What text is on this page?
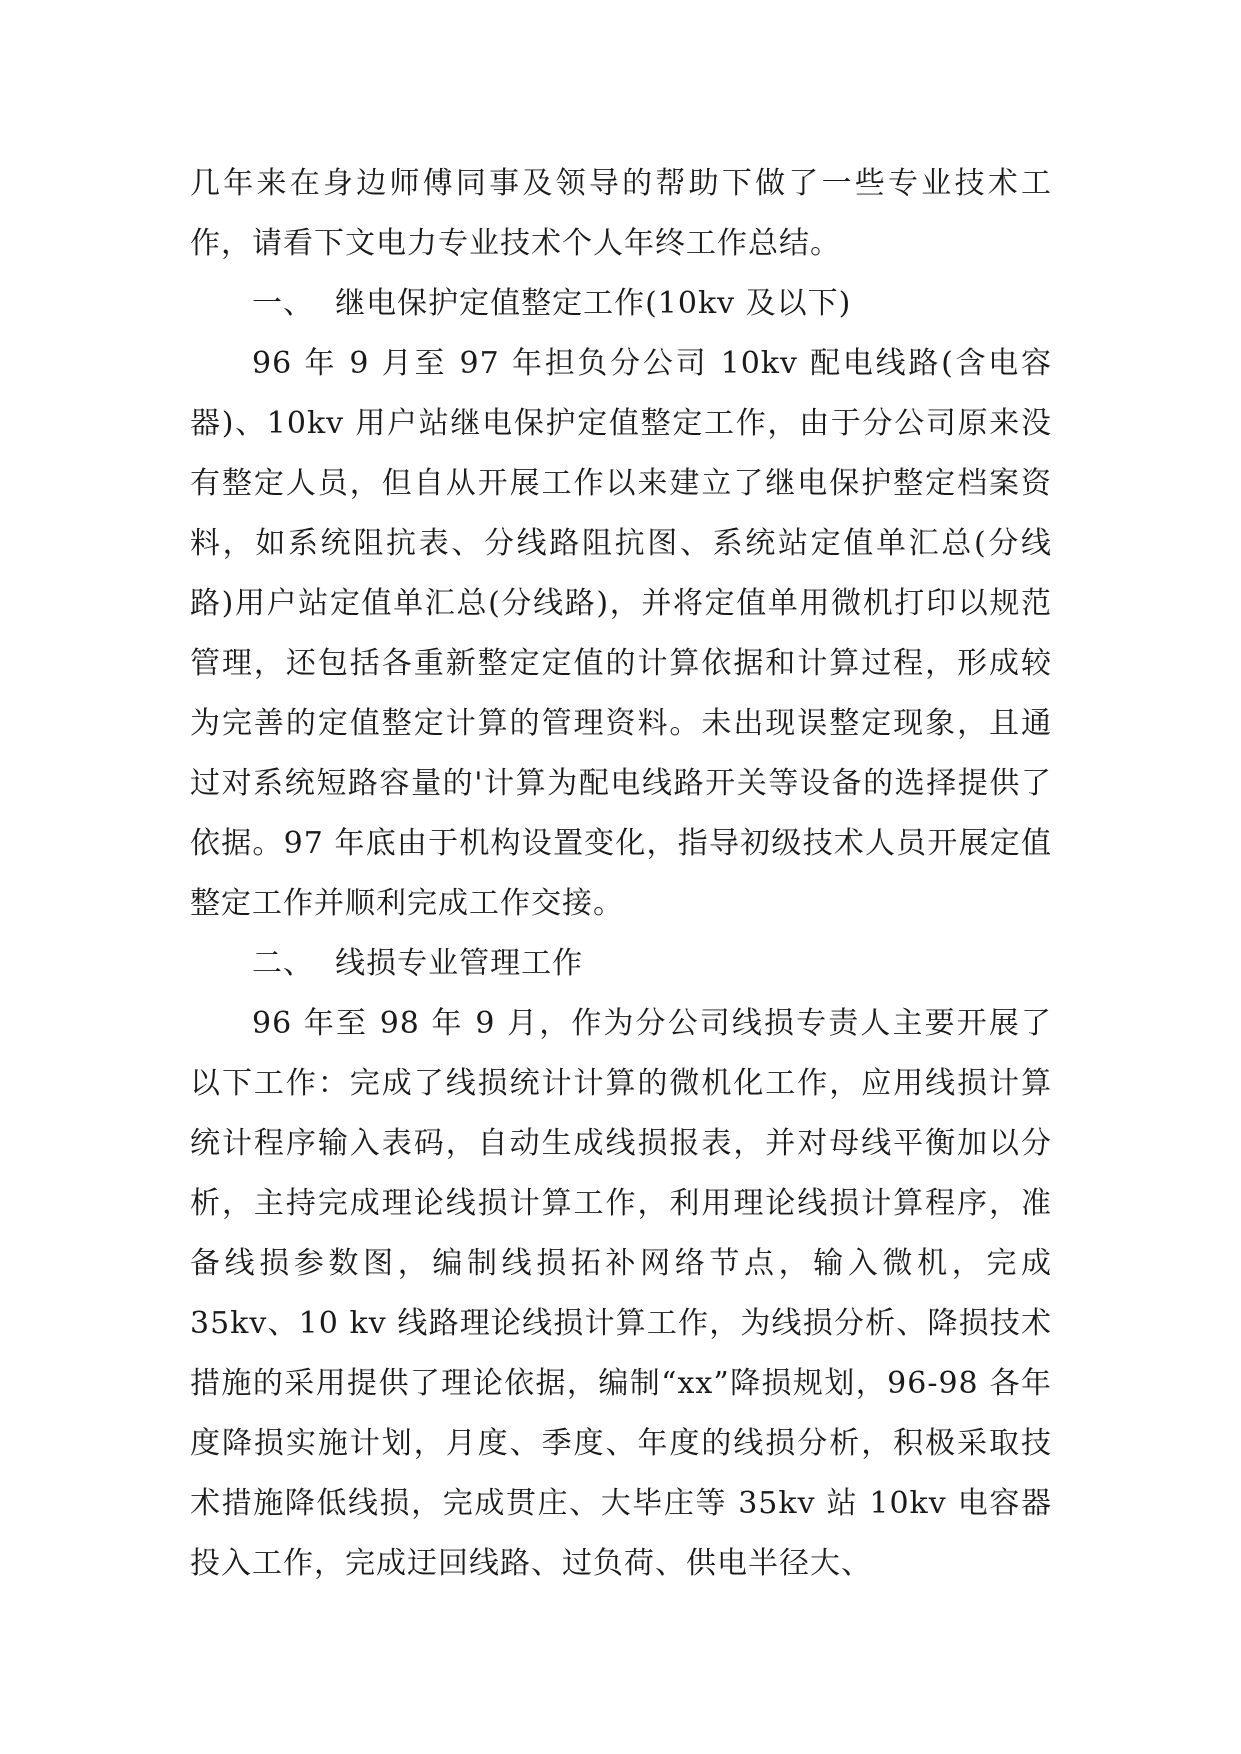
几年来在身边师傅同事及领导的帮助下做了一些专业技术工作，请看下文电力专业技术个人年终工作总结。

一、  继电保护定值整定工作(10kv 及以下)

96 年 9 月至 97 年担负分公司 10kv 配电线路(含电容器)、10kv 用户站继电保护定值整定工作，由于分公司原来没有整定人员，但自从开展工作以来建立了继电保护整定档案资料，如系统阻抗表、分线路阻抗图、系统站定值单汇总(分线路)用户站定值单汇总(分线路)，并将定值单用微机打印以规范管理，还包括各重新整定定值的计算依据和计算过程，形成较为完善的定值整定计算的管理资料。未出现误整定现象，且通过对系统短路容量的'计算为配电线路开关等设备的选择提供了依据。97 年底由于机构设置变化，指导初级技术人员开展定值整定工作并顺利完成工作交接。

二、  线损专业管理工作

96 年至 98 年 9 月，作为分公司线损专责人主要开展了以下工作：完成了线损统计计算的微机化工作，应用线损计算统计程序输入表码，自动生成线损报表，并对母线平衡加以分析，主持完成理论线损计算工作，利用理论线损计算程序，准备线损参数图，编制线损拓补网络节点，输入微机，完成 35kv、10 kv 线路理论线损计算工作，为线损分析、降损技术措施的采用提供了理论依据，编制“xx”降损规划，96-98 各年度降损实施计划，月度、季度、年度的线损分析，积极采取技术措施降低线损，完成贯庄、大毕庄等 35kv 站 10kv 电容器投入工作，完成迂回线路、过负荷、供电半径大、
